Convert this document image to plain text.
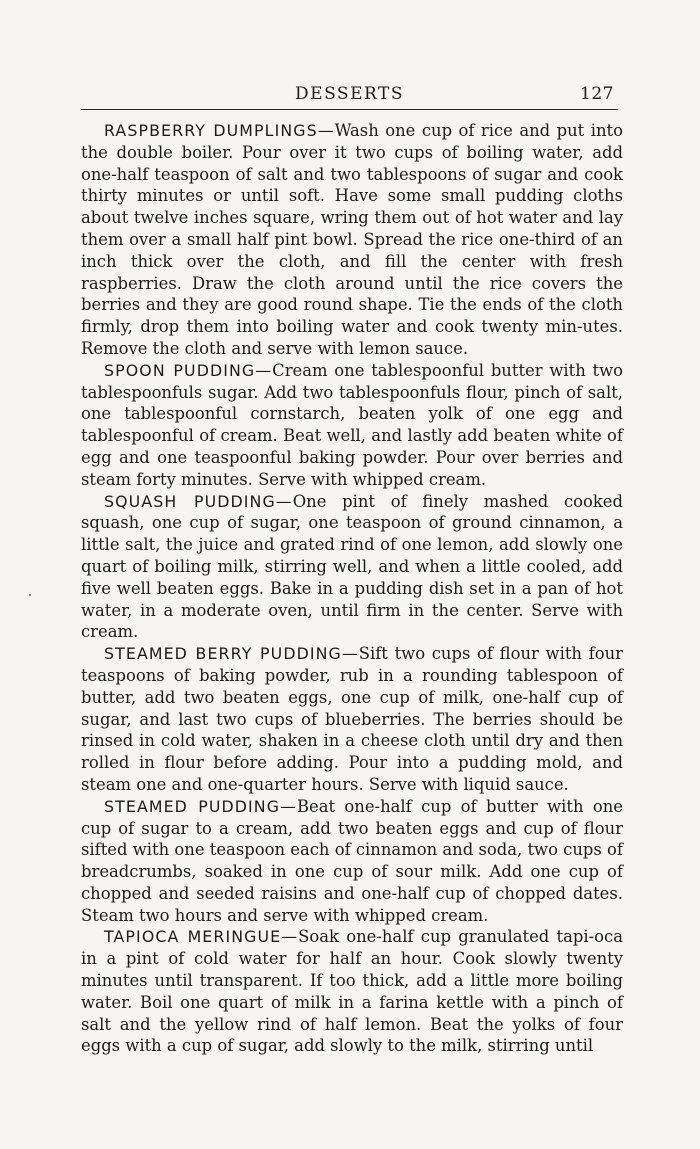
DESSERTS	127

RASPBERRY DUMPLINGS—Wash one cup of rice and put into the double boiler. Pour over it two cups of boiling water, add one-half teaspoon of salt and two tablespoons of sugar and cook thirty minutes or until soft. Have some small pudding cloths about twelve inches square, wring them out of hot water and lay them over a small half pint bowl. Spread the rice one-third of an inch thick over the cloth, and fill the center with fresh raspberries. Draw the cloth around until the rice covers the berries and they are good round shape. Tie the ends of the cloth firmly, drop them into boiling water and cook twenty min-utes. Remove the cloth and serve with lemon sauce.

SPOON PUDDING—Cream one tablespoonful butter with two tablespoonfuls sugar. Add two tablespoonfuls flour, pinch of salt, one tablespoonful cornstarch, beaten yolk of one egg and tablespoonful of cream. Beat well, and lastly add beaten white of egg and one teaspoonful baking powder. Pour over berries and steam forty minutes. Serve with whipped cream.

SQUASH PUDDING—One pint of finely mashed cooked squash, one cup of sugar, one teaspoon of ground cinnamon, a little salt, the juice and grated rind of one lemon, add slowly one quart of boiling milk, stirring well, and when a little cooled, add five well beaten eggs. Bake in a pudding dish set in a pan of hot water, in a moderate oven, until firm in the center. Serve with cream.

STEAMED BERRY PUDDING—Sift two cups of flour with four teaspoons of baking powder, rub in a rounding tablespoon of butter, add two beaten eggs, one cup of milk, one-half cup of sugar, and last two cups of blueberries. The berries should be rinsed in cold water, shaken in a cheese cloth until dry and then rolled in flour before adding. Pour into a pudding mold, and steam one and one-quarter hours. Serve with liquid sauce.

STEAMED PUDDING—Beat one-half cup of butter with one cup of sugar to a cream, add two beaten eggs and cup of flour sifted with one teaspoon each of cinnamon and soda, two cups of breadcrumbs, soaked in one cup of sour milk. Add one cup of chopped and seeded raisins and one-half cup of chopped dates. Steam two hours and serve with whipped cream.

TAPIOCA MERINGUE—Soak one-half cup granulated tapi-oca in a pint of cold water for half an hour. Cook slowly twenty minutes until transparent. If too thick, add a little more boiling water. Boil one quart of milk in a farina kettle with a pinch of salt and the yellow rind of half lemon. Beat the yolks of four eggs with a cup of sugar, add slowly to the milk, stirring until
